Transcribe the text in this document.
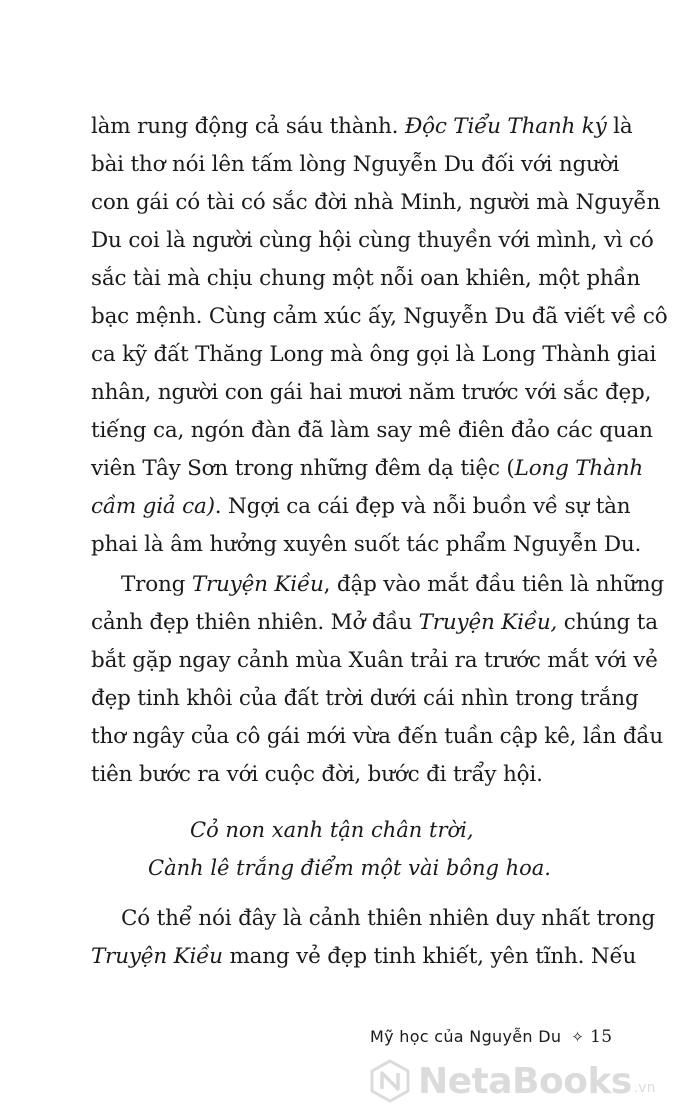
làm rung động cả sáu thành. Độc Tiểu Thanh ký là
bài thơ nói lên tấm lòng Nguyễn Du đối với người
con gái có tài có sắc đời nhà Minh, người mà Nguyễn
Du coi là người cùng hội cùng thuyền với mình, vì có
sắc tài mà chịu chung một nỗi oan khiên, một phần
bạc mệnh. Cùng cảm xúc ấy, Nguyễn Du đã viết về cô
ca kỹ đất Thăng Long mà ông gọi là Long Thành giai
nhân, người con gái hai mươi năm trước với sắc đẹp,
tiếng ca, ngón đàn đã làm say mê điên đảo các quan
viên Tây Sơn trong những đêm dạ tiệc (Long Thành
cầm giả ca). Ngợi ca cái đẹp và nỗi buồn về sự tàn
phai là âm hưởng xuyên suốt tác phẩm Nguyễn Du.
Trong Truyện Kiều, đập vào mắt đầu tiên là những
cảnh đẹp thiên nhiên. Mở đầu Truyện Kiều, chúng ta
bắt gặp ngay cảnh mùa Xuân trải ra trước mắt với vẻ
đẹp tinh khôi của đất trời dưới cái nhìn trong trắng
thơ ngây của cô gái mới vừa đến tuần cập kê, lần đầu
tiên bước ra với cuộc đời, bước đi trẩy hội.
Cỏ non xanh tận chân trời,
Cành lê trắng điểm một vài bông hoa.
Có thể nói đây là cảnh thiên nhiên duy nhất trong
Truyện Kiều mang vẻ đẹp tinh khiết, yên tĩnh. Nếu
Mỹ học của Nguyễn Du ✧ 15
NetaBooks .vn
